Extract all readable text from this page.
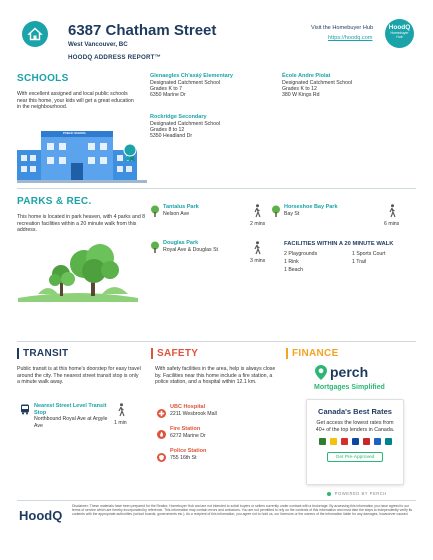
6387 Chatham Street
West Vancouver, BC
HOODQ ADDRESS REPORT™
Visit the Homebuyer Hub
https://hoodq.com
HoodQ
Homebuyer
Hub
SCHOOLS
With excellent assigned and local public schools near this home, your kids will get a great education in the neighbourhood.
PUBLIC SCHOOL
Glenaegles Ch'axáý Elementary
Designated Catchment School
Grades K to 7
6350 Marine Dr
École Andre Piolat
Designated Catchment School
Grades K to 12
380 W Kings Rd
Rockridge Secondary
Designated Catchment School
Grades 8 to 12
5350 Headland Dr
PARKS & REC.
This home is located in park heaven, with 4 parks and 8 recreation facilities within a 20 minute walk from this address.
Tantalus Park
Nelson Ave
2 mins
Horseshoe Bay Park
Bay St
6 mins
Douglas Park
Royal Ave & Douglas St
3 mins
FACILITIES WITHIN A 20 MINUTE WALK
2 Playgrounds	1 Sports Court
1 Rink	1 Trail
1 Beach
TRANSIT
Public transit is at this home's doorstep for easy travel around the city. The nearest street transit stop is only a minute walk away.
Nearest Street Level Transit Stop
Northbound Royal Ave at Argyle Ave	1 min
SAFETY
With safety facilities in the area, help is always close by. Facilities near this home include a fire station, a police station, and a hospital within 12.1 km.
UBC Hospital
2211 Wesbrook Mall
Fire Station
6272 Marine Dr
Police Station
755 16th St
FINANCE
perch
Mortgages Simplified
Canada's Best Rates
Get access the lowest rates from 40+ of the top lenders in Canada.
Get Pre-Approved
POWERED BY PERCH
HoodQ
Disclaimer: These materials have been prepared for the Realtor, Homebuyer Hub and are not intended to solicit buyers or sellers currently under contract with a brokerage. By accessing this information you have agreed to our terms of service which are hereby incorporated by reference. This information may contain errors and omissions. You are not permitted to rely on the contents of this information and must take the steps to independently verify its contents with the appropriate authorities (school boards, governments etc.). As a recipient of this information, you agree not to hold us, our licensors or the owners of the information liable for any damages, howsoever caused.
